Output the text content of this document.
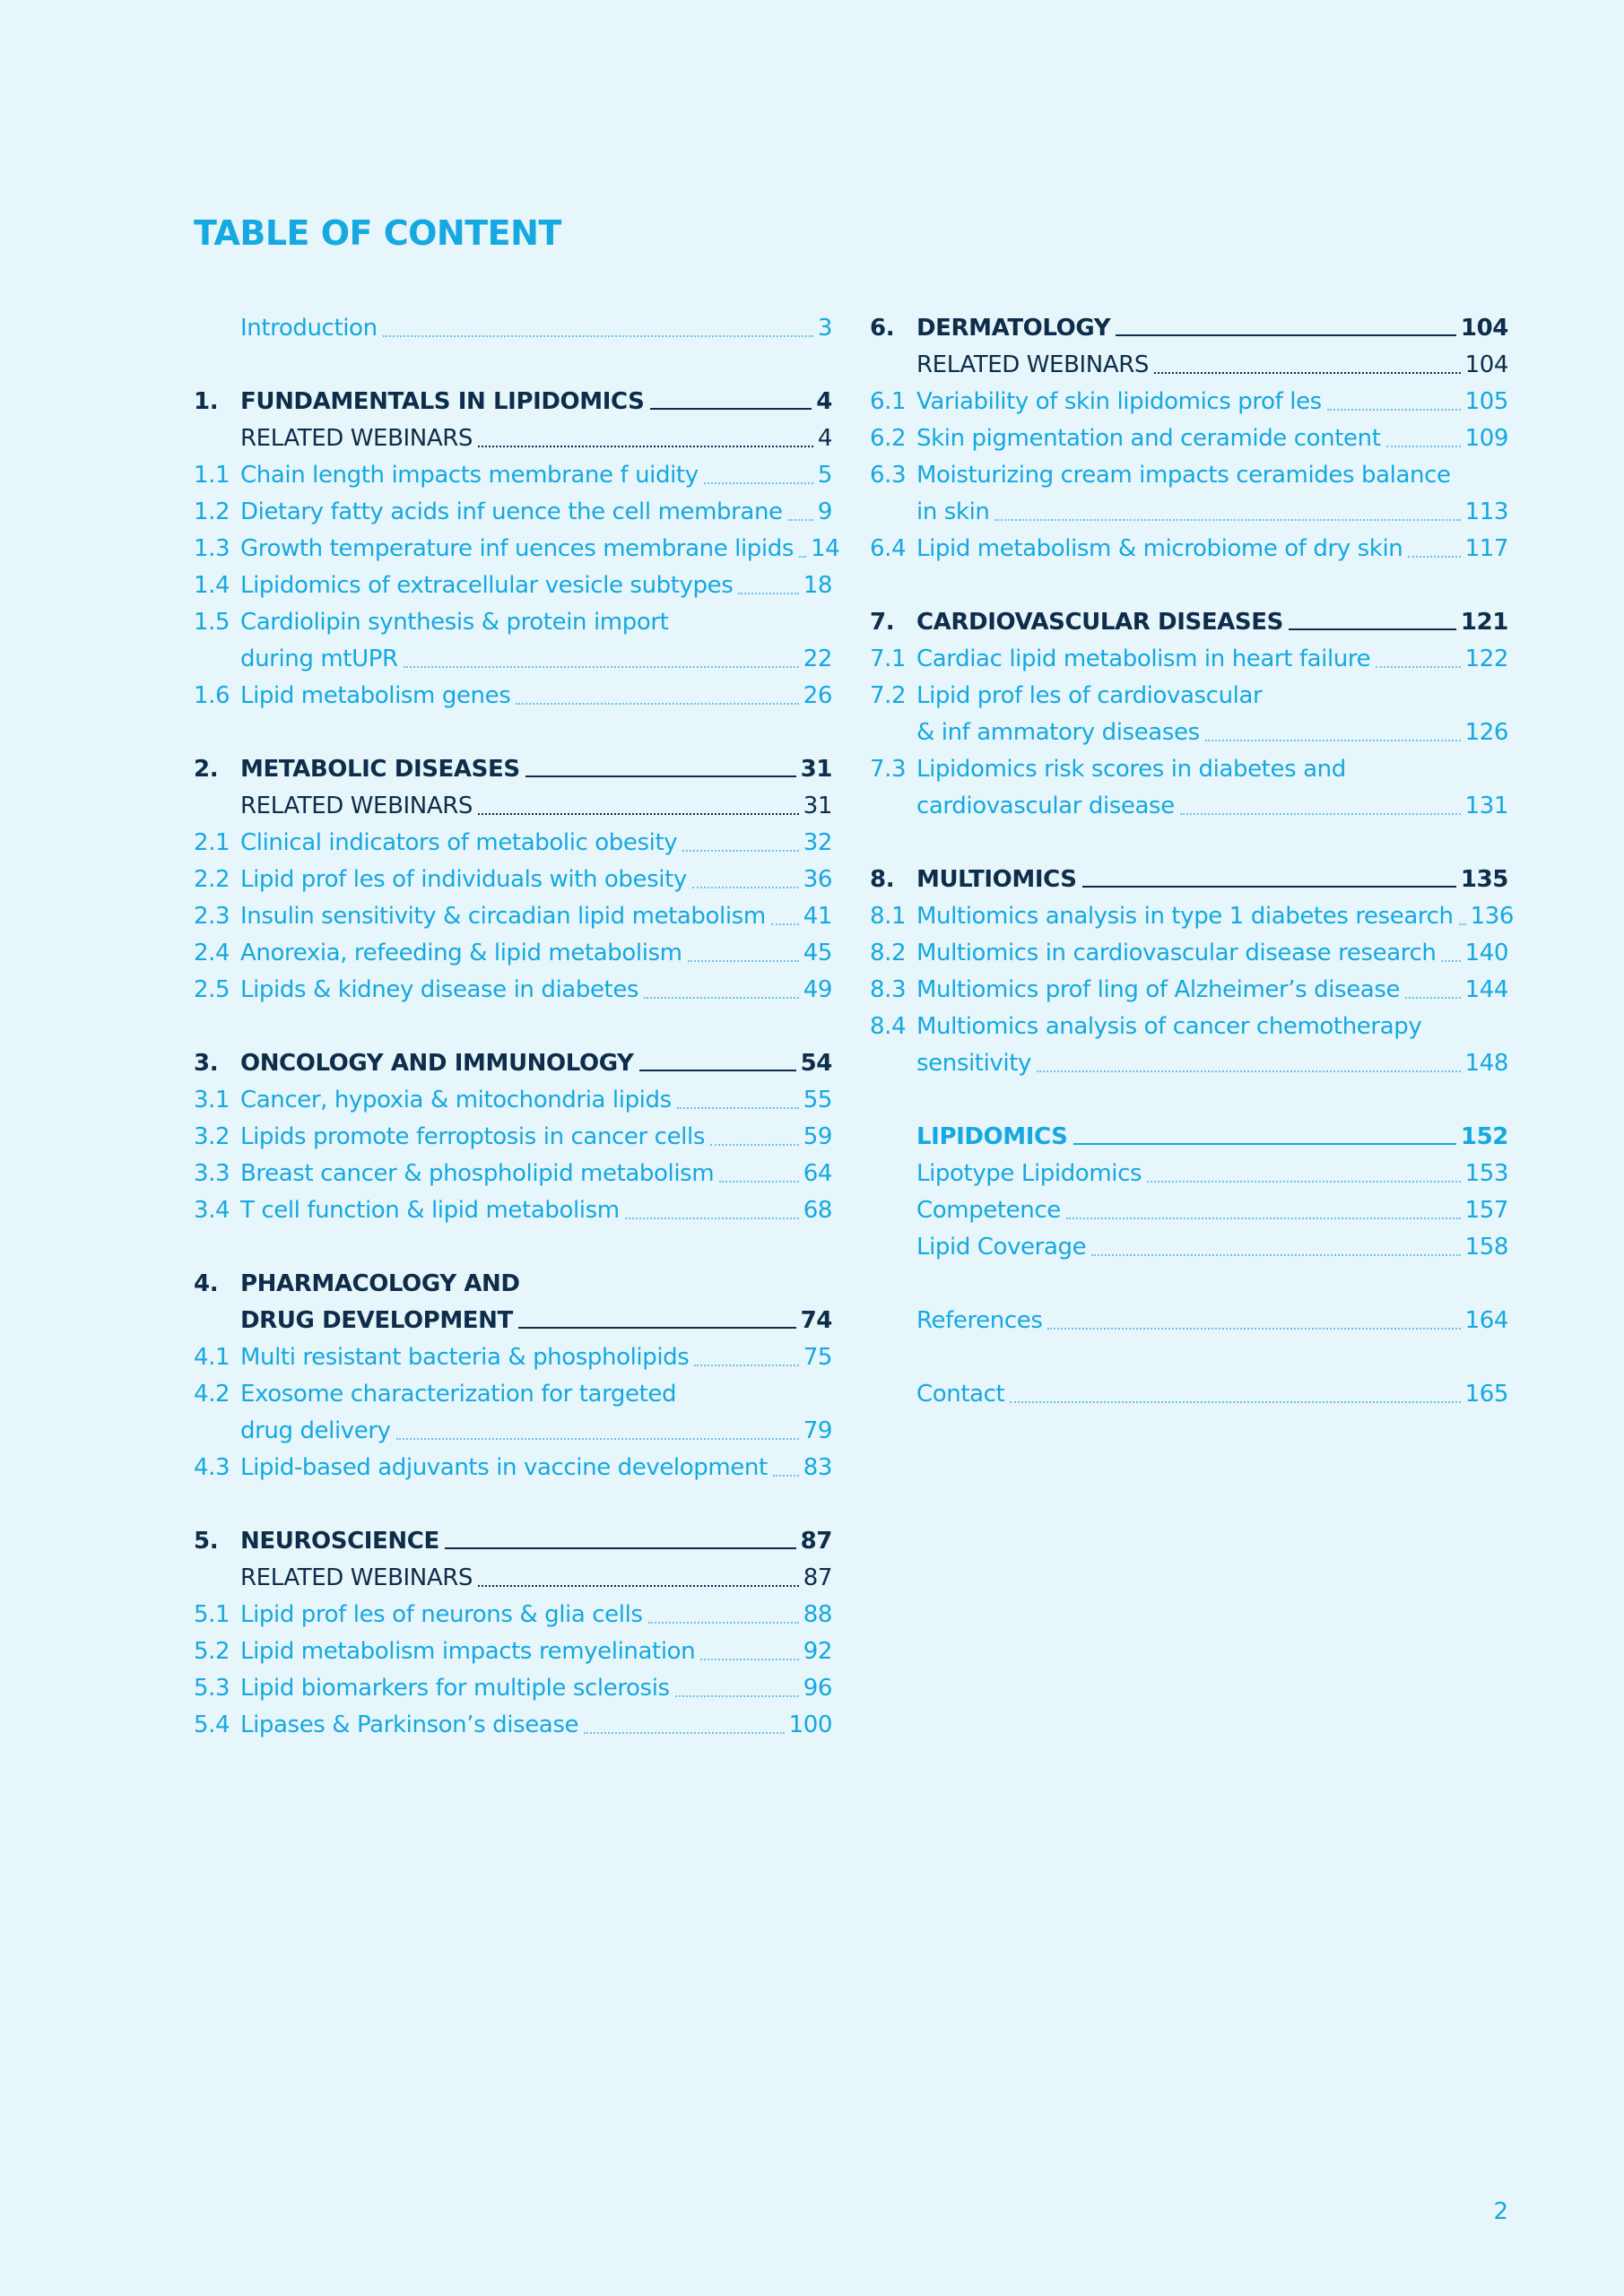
TABLE OF CONTENT
Introduction	3
1. FUNDAMENTALS IN LIPIDOMICS	4
RELATED WEBINARS	4
1.1 Chain length impacts membrane f uidity	5
1.2 Dietary fatty acids inf uence the cell membrane 9
1.3 Growth temperature inf uences membrane lipids 14
1.4 Lipidomics of extracellular vesicle subtypes	18
1.5 Cardiolipin synthesis & protein import
during mtUPR	22
1.6 Lipid metabolism genes	26
2. METABOLIC DISEASES	31
RELATED WEBINARS	31
2.1 Clinical indicators of metabolic obesity	32
2.2 Lipid prof les of individuals with obesity	36
2.3 Insulin sensitivity & circadian lipid metabolism 41
2.4 Anorexia, refeeding & lipid metabolism	45
2.5 Lipids & kidney disease in diabetes	49
3. ONCOLOGY AND IMMUNOLOGY	54
3.1 Cancer, hypoxia & mitochondria lipids	55
3.2 Lipids promote ferroptosis in cancer cells	59
3.3 Breast cancer & phospholipid metabolism	64
3.4 T cell function & lipid metabolism	68
4. PHARMACOLOGY AND
DRUG DEVELOPMENT	74
4.1 Multi resistant bacteria & phospholipids	75
4.2 Exosome characterization for targeted
drug delivery	79
4.3 Lipid-based adjuvants in vaccine development 83
5. NEUROSCIENCE	87
RELATED WEBINARS	87
5.1 Lipid prof les of neurons & glia cells	88
5.2 Lipid metabolism impacts remyelination	92
5.3 Lipid biomarkers for multiple sclerosis	96
5.4 Lipases & Parkinson’s disease	100
6. DERMATOLOGY	104
RELATED WEBINARS	104
6.1 Variability of skin lipidomics prof les	105
6.2 Skin pigmentation and ceramide content	109
6.3 Moisturizing cream impacts ceramides balance
in skin	113
6.4 Lipid metabolism & microbiome of dry skin	117
7. CARDIOVASCULAR DISEASES	121
7.1 Cardiac lipid metabolism in heart failure	122
7.2 Lipid prof les of cardiovascular
& inf ammatory diseases	126
7.3 Lipidomics risk scores in diabetes and
cardiovascular disease	131
8. MULTIOMICS	135
8.1 Multiomics analysis in type 1 diabetes research 136
8.2 Multiomics in cardiovascular disease research 140
8.3 Multiomics prof ling of Alzheimer’s disease	144
8.4 Multiomics analysis of cancer chemotherapy
sensitivity	148
LIPIDOMICS	152
Lipotype Lipidomics	153
Competence	157
Lipid Coverage	158
References	164
Contact	165
2
